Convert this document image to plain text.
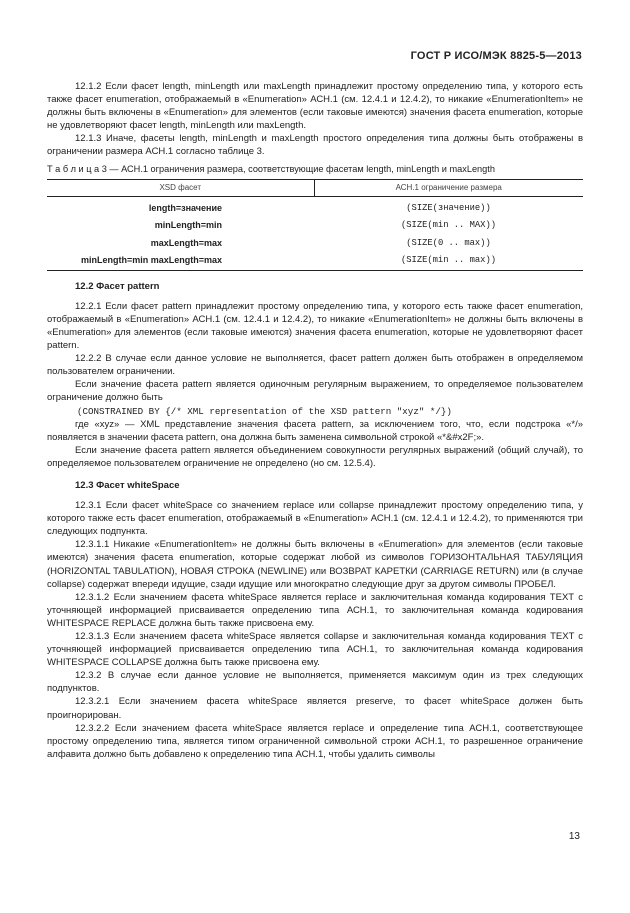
ГОСТ Р ИСО/МЭК 8825-5—2013

12.1.2 Если фасет length, minLength или maxLength принадлежит простому определению типа, у которого есть также фасет enumeration, отображаемый в «Enumeration» АСН.1 (см. 12.4.1 и 12.4.2), то никакие «EnumerationItem» не должны быть включены в «Enumeration» для элементов (если таковые имеются) значения фасета enumeration, которые не удовлетворяют фасет length, minLength или maxLength.

12.1.3 Иначе, фасеты length, minLength и maxLength простого определения типа должны быть отображены в ограничении размера АСН.1 согласно таблице 3.

Т а б л и ц а 3 — АСН.1 ограничения размера, соответствующие фасетам length, minLength и maxLength
XSD фасет	АСН.1 ограничение размера
length=значение	(SIZE(значение))
minLength=min	(SIZE(min .. MAX))
maxLength=max	(SIZE(0 .. max))
minLength=min maxLength=max	(SIZE(min .. max))
12.2 Фасет pattern

12.2.1 Если фасет pattern принадлежит простому определению типа, у которого есть также фасет enumeration, отображаемый в «Enumeration» АСН.1 (см. 12.4.1 и 12.4.2), то никакие «EnumerationItem» не должны быть включены в «Enumeration» для элементов (если таковые имеются) значения фасета enumeration, которые не удовлетворяют фасет pattern.

12.2.2 В случае если данное условие не выполняется, фасет pattern должен быть отображен в определяемом пользователем ограничении.

Если значение фасета pattern является одиночным регулярным выражением, то определяемое пользователем ограничение должно быть

(CONSTRAINED BY {/* XML representation of the XSD pattern "xyz" */})

где «xyz» — XML представление значения фасета pattern, за исключением того, что, если подстрока «*/» появляется в значении фасета pattern, она должна быть заменена символьной строкой «*&#x2F;».

Если значение фасета pattern является объединением совокупности регулярных выражений (общий случай), то определяемое пользователем ограничение не определено (но см. 12.5.4).

12.3 Фасет whiteSpace

12.3.1 Если фасет whiteSpace со значением replace или collapse принадлежит простому определению типа, у которого также есть фасет enumeration, отображаемый в «Enumeration» АСН.1 (см. 12.4.1 и 12.4.2), то применяются три следующих подпункта.

12.3.1.1 Никакие «EnumerationItem» не должны быть включены в «Enumeration» для элементов (если таковые имеются) значения фасета enumeration, которые содержат любой из символов ГОРИЗОНТАЛЬНАЯ ТАБУЛЯЦИЯ (HORIZONTAL TABULATION), НОВАЯ СТРОКА (NEWLINE) или ВОЗВРАТ КАРЕТКИ (CARRIAGE RETURN) или (в случае collapse) содержат впереди идущие, сзади идущие или многократно следующие друг за другом символы ПРОБЕЛ.

12.3.1.2 Если значением фасета whiteSpace является replace и заключительная команда кодирования TEXT с уточняющей информацией присваивается определению типа АСН.1, то заключительная команда кодирования WHITESPACE REPLACE должна быть также присвоена ему.

12.3.1.3 Если значением фасета whiteSpace является collapse и заключительная команда кодирования TEXT с уточняющей информацией присваивается определению типа АСН.1, то заключительная команда кодирования WHITESPACE COLLAPSE должна быть также присвоена ему.

12.3.2 В случае если данное условие не выполняется, применяется максимум один из трех следующих подпунктов.

12.3.2.1 Если значением фасета whiteSpace является preserve, то фасет whiteSpace должен быть проигнорирован.

12.3.2.2 Если значением фасета whiteSpace является replace и определение типа АСН.1, соответствующее простому определению типа, является типом ограниченной символьной строки АСН.1, то разрешенное ограничение алфавита должно быть добавлено к определению типа АСН.1, чтобы удалить символы

13
